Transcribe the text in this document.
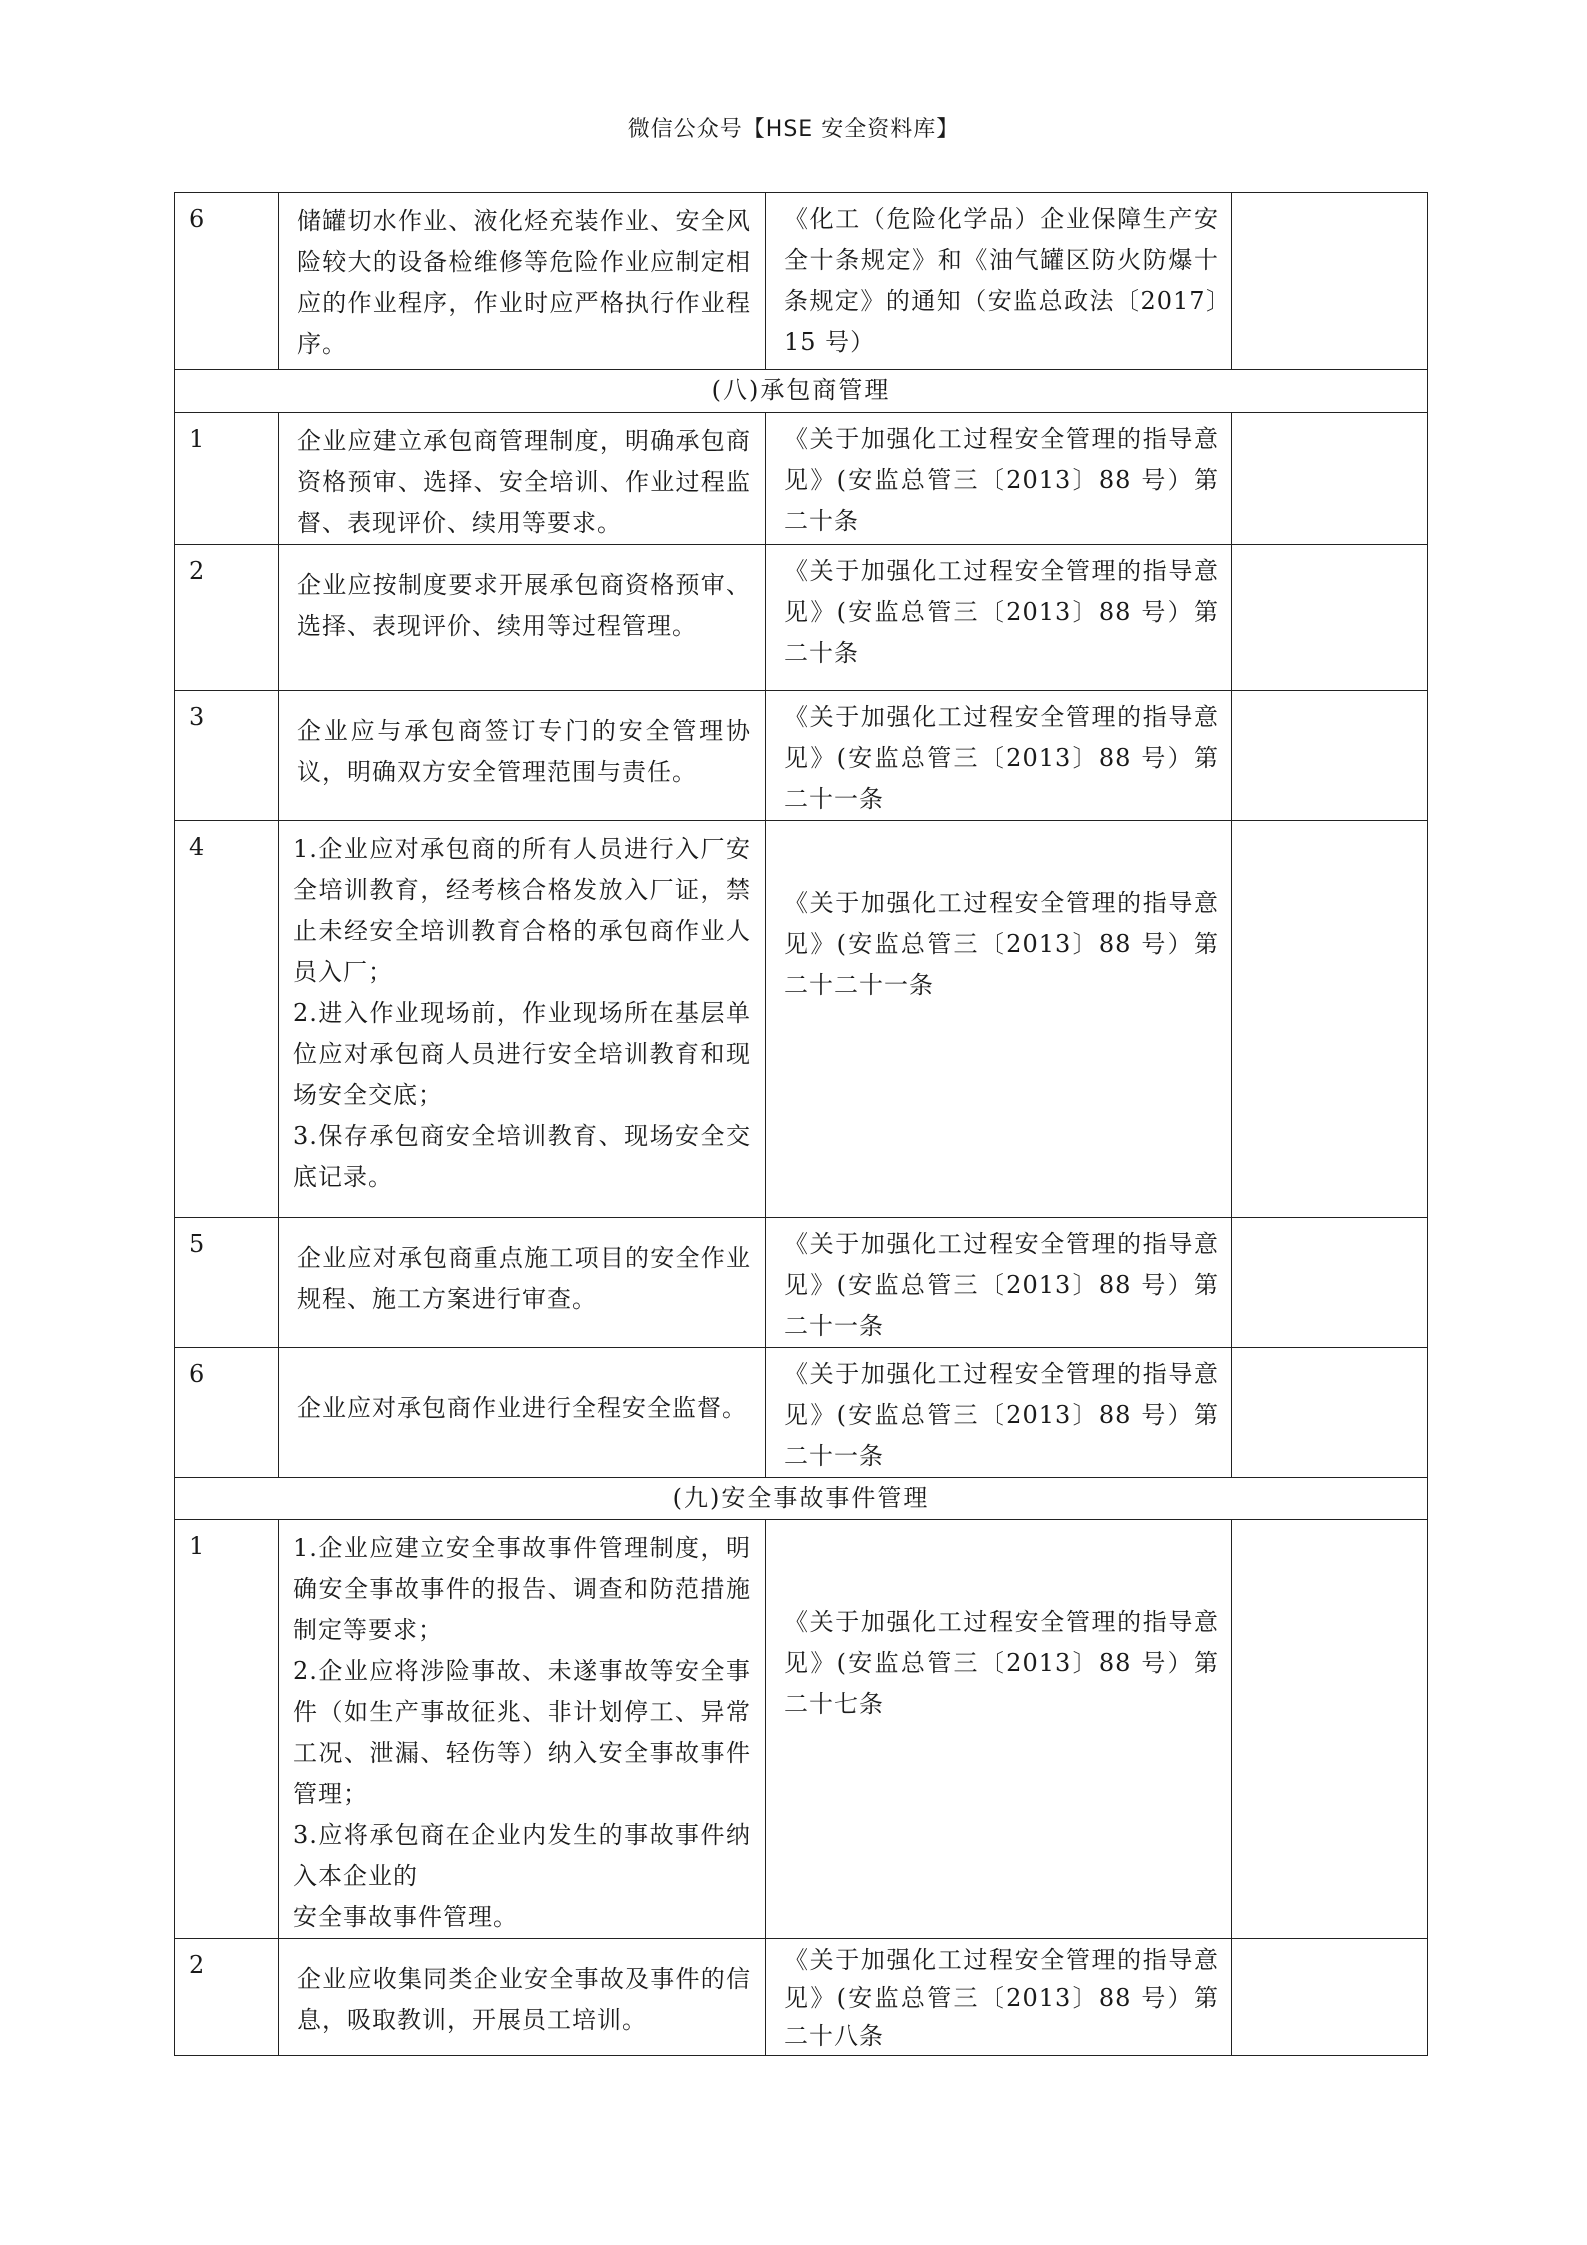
微信公众号【HSE 安全资料库】
6	储罐切水作业、液化烃充装作业、安全风险较大的设备检维修等危险作业应制定相应的作业程序，作业时应严格执行作业程序。	《化工（危险化学品）企业保障生产安全十条规定》和《油气罐区防火防爆十条规定》的通知（安监总政法〔2017〕15 号）	
(八)承包商管理			
1	企业应建立承包商管理制度，明确承包商资格预审、选择、安全培训、作业过程监督、表现评价、续用等要求。	《关于加强化工过程安全管理的指导意见》(安监总管三〔2013〕88 号）第二十条	
2	企业应按制度要求开展承包商资格预审、选择、表现评价、续用等过程管理。	《关于加强化工过程安全管理的指导意见》(安监总管三〔2013〕88 号）第二十条	
3	企业应与承包商签订专门的安全管理协议，明确双方安全管理范围与责任。	《关于加强化工过程安全管理的指导意见》(安监总管三〔2013〕88 号）第二十一条	
4	1.企业应对承包商的所有人员进行入厂安全培训教育，经考核合格发放入厂证，禁止未经安全培训教育合格的承包商作业人员入厂；
2.进入作业现场前，作业现场所在基层单位应对承包商人员进行安全培训教育和现场安全交底；
3.保存承包商安全培训教育、现场安全交底记录。	《关于加强化工过程安全管理的指导意见》(安监总管三〔2013〕88 号）第二十二十一条	
5	企业应对承包商重点施工项目的安全作业规程、施工方案进行审查。	《关于加强化工过程安全管理的指导意见》(安监总管三〔2013〕88 号）第二十一条	
6	企业应对承包商作业进行全程安全监督。	《关于加强化工过程安全管理的指导意见》(安监总管三〔2013〕88 号）第二十一条	
(九)安全事故事件管理			
1	1.企业应建立安全事故事件管理制度，明确安全事故事件的报告、调查和防范措施制定等要求；
2.企业应将涉险事故、未遂事故等安全事件（如生产事故征兆、非计划停工、异常工况、泄漏、轻伤等）纳入安全事故事件管理；
3.应将承包商在企业内发生的事故事件纳入本企业的
安全事故事件管理。	《关于加强化工过程安全管理的指导意见》(安监总管三〔2013〕88 号）第二十七条	
2	企业应收集同类企业安全事故及事件的信息，吸取教训，开展员工培训。	《关于加强化工过程安全管理的指导意见》(安监总管三〔2013〕88 号）第二十八条	
